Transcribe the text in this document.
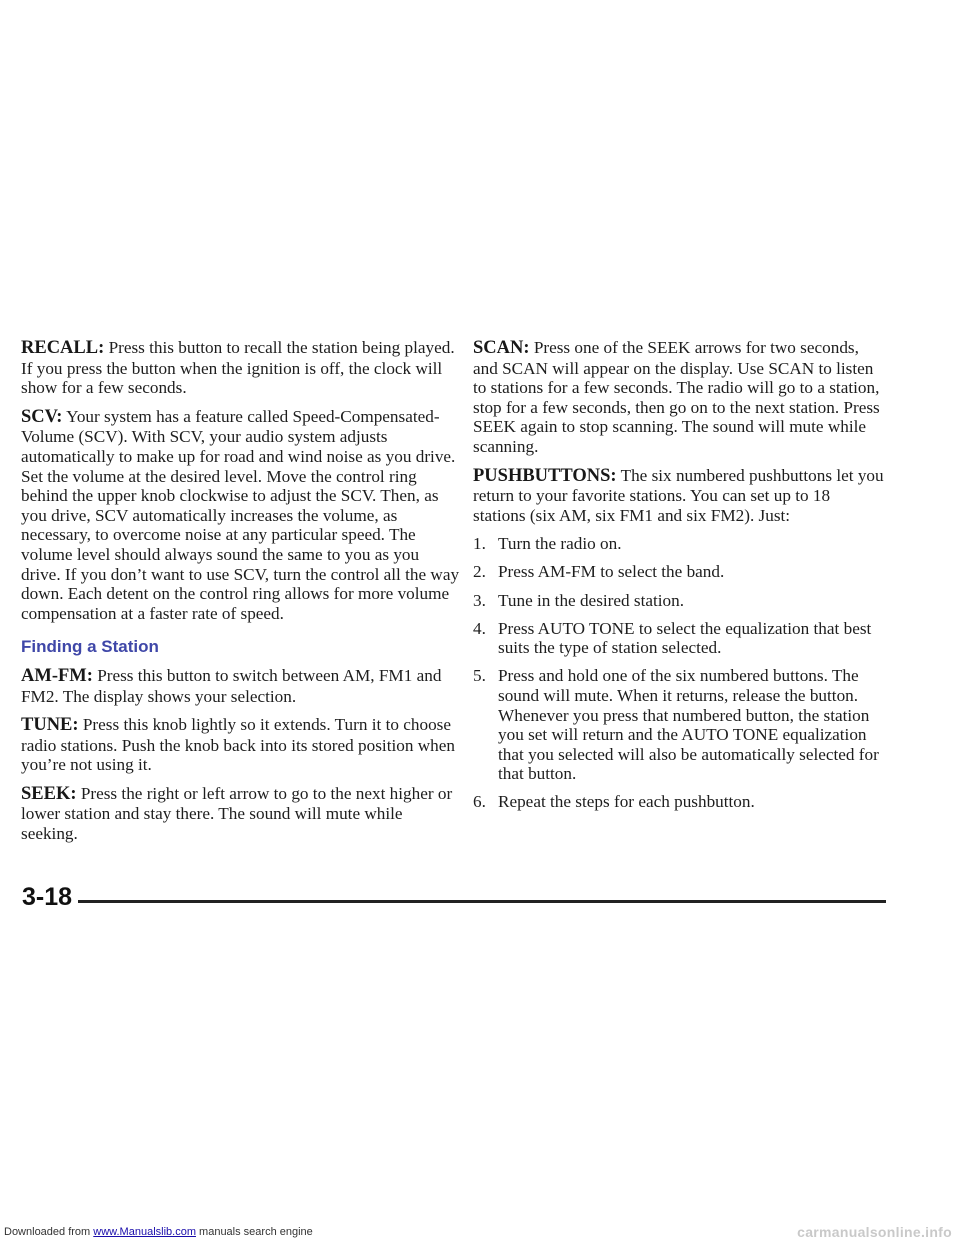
RECALL: Press this button to recall the station being played. If you press the button when the ignition is off, the clock will show for a few seconds.

SCV: Your system has a feature called Speed-Compensated-Volume (SCV). With SCV, your audio system adjusts automatically to make up for road and wind noise as you drive. Set the volume at the desired level. Move the control ring behind the upper knob clockwise to adjust the SCV. Then, as you drive, SCV automatically increases the volume, as necessary, to overcome noise at any particular speed. The volume level should always sound the same to you as you drive. If you don’t want to use SCV, turn the control all the way down. Each detent on the control ring allows for more volume compensation at a faster rate of speed.

Finding a Station

AM-FM: Press this button to switch between AM, FM1 and FM2. The display shows your selection.

TUNE: Press this knob lightly so it extends. Turn it to choose radio stations. Push the knob back into its stored position when you’re not using it.

SEEK: Press the right or left arrow to go to the next higher or lower station and stay there. The sound will mute while seeking.

SCAN: Press one of the SEEK arrows for two seconds, and SCAN will appear on the display. Use SCAN to listen to stations for a few seconds. The radio will go to a station, stop for a few seconds, then go on to the next station. Press SEEK again to stop scanning. The sound will mute while scanning.

PUSHBUTTONS: The six numbered pushbuttons let you return to your favorite stations. You can set up to 18 stations (six AM, six FM1 and six FM2). Just:

1. Turn the radio on.
2. Press AM-FM to select the band.
3. Tune in the desired station.
4. Press AUTO TONE to select the equalization that best suits the type of station selected.
5. Press and hold one of the six numbered buttons. The sound will mute. When it returns, release the button. Whenever you press that numbered button, the station you set will return and the AUTO TONE equalization that you selected will also be automatically selected for that button.
6. Repeat the steps for each pushbutton.
3-18
Downloaded from www.Manualslib.com manuals search engine	carmanualsonline.info
